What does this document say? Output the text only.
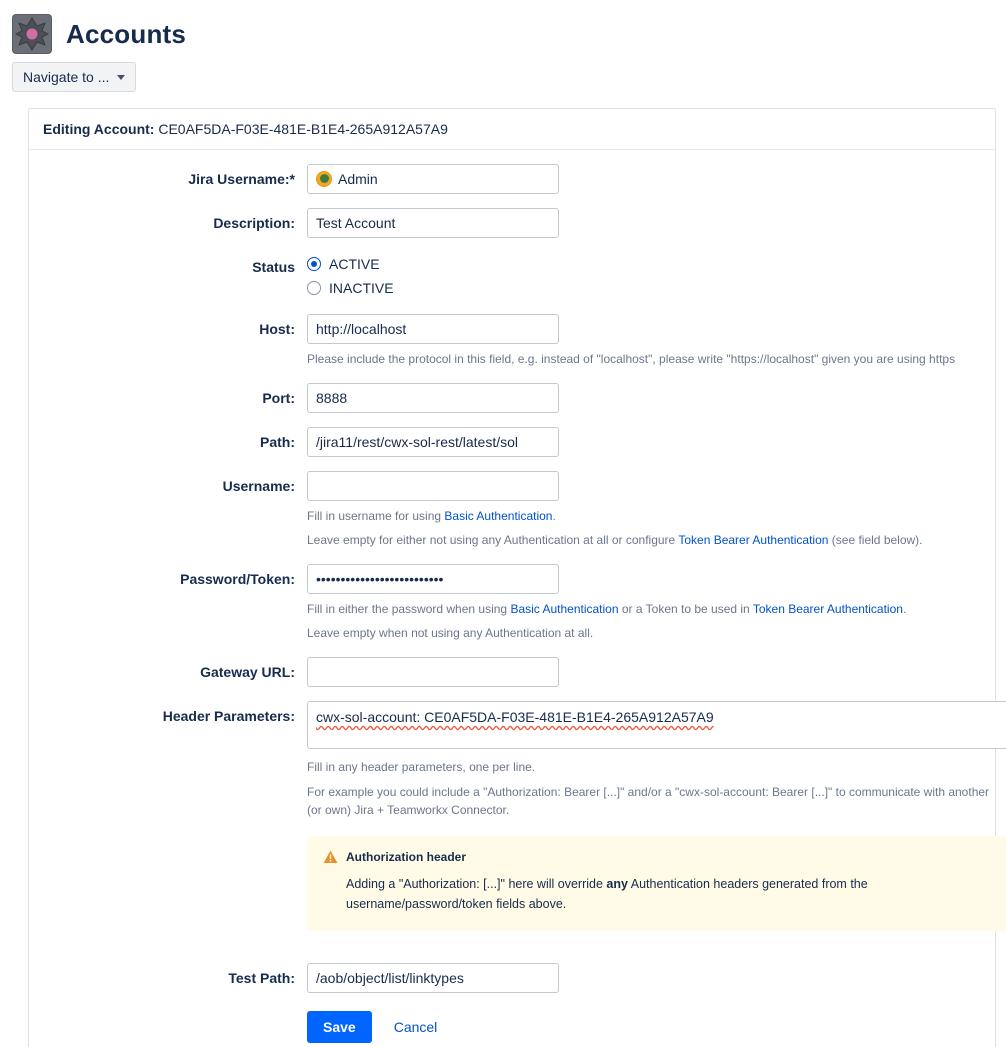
Accounts
Navigate to ...
Editing Account: CE0AF5DA-F03E-481E-B1E4-265A912A57A9
Jira Username:*	Admin
Description:
Test Account
Status	ACTIVE
INACTIVE
Host:
http://localhost
Please include the protocol in this field, e.g. instead of "localhost", please write "https://localhost" given you are using https
Port:
8888
Path:
/jira11/rest/cwx-sol-rest/latest/sol
Username:
Fill in username for using Basic Authentication.
Leave empty for either not using any Authentication at all or configure Token Bearer Authentication (see field below).
Password/Token:
••••••••••••••••••••••••••
Fill in either the password when using Basic Authentication or a Token to be used in Token Bearer Authentication.
Leave empty when not using any Authentication at all.
Gateway URL:
Header Parameters:
cwx-sol-account: CE0AF5DA-F03E-481E-B1E4-265A912A57A9
Fill in any header parameters, one per line.
For example you could include a "Authorization: Bearer [...]" and/or a "cwx-sol-account: Bearer [...]" to communicate with another (or own) Jira + Teamworkx Connector.
Authorization header
Adding a "Authorization: [...]" here will override any Authentication headers generated from the username/password/token fields above.
Test Path:
/aob/object/list/linktypes
Save	Cancel
